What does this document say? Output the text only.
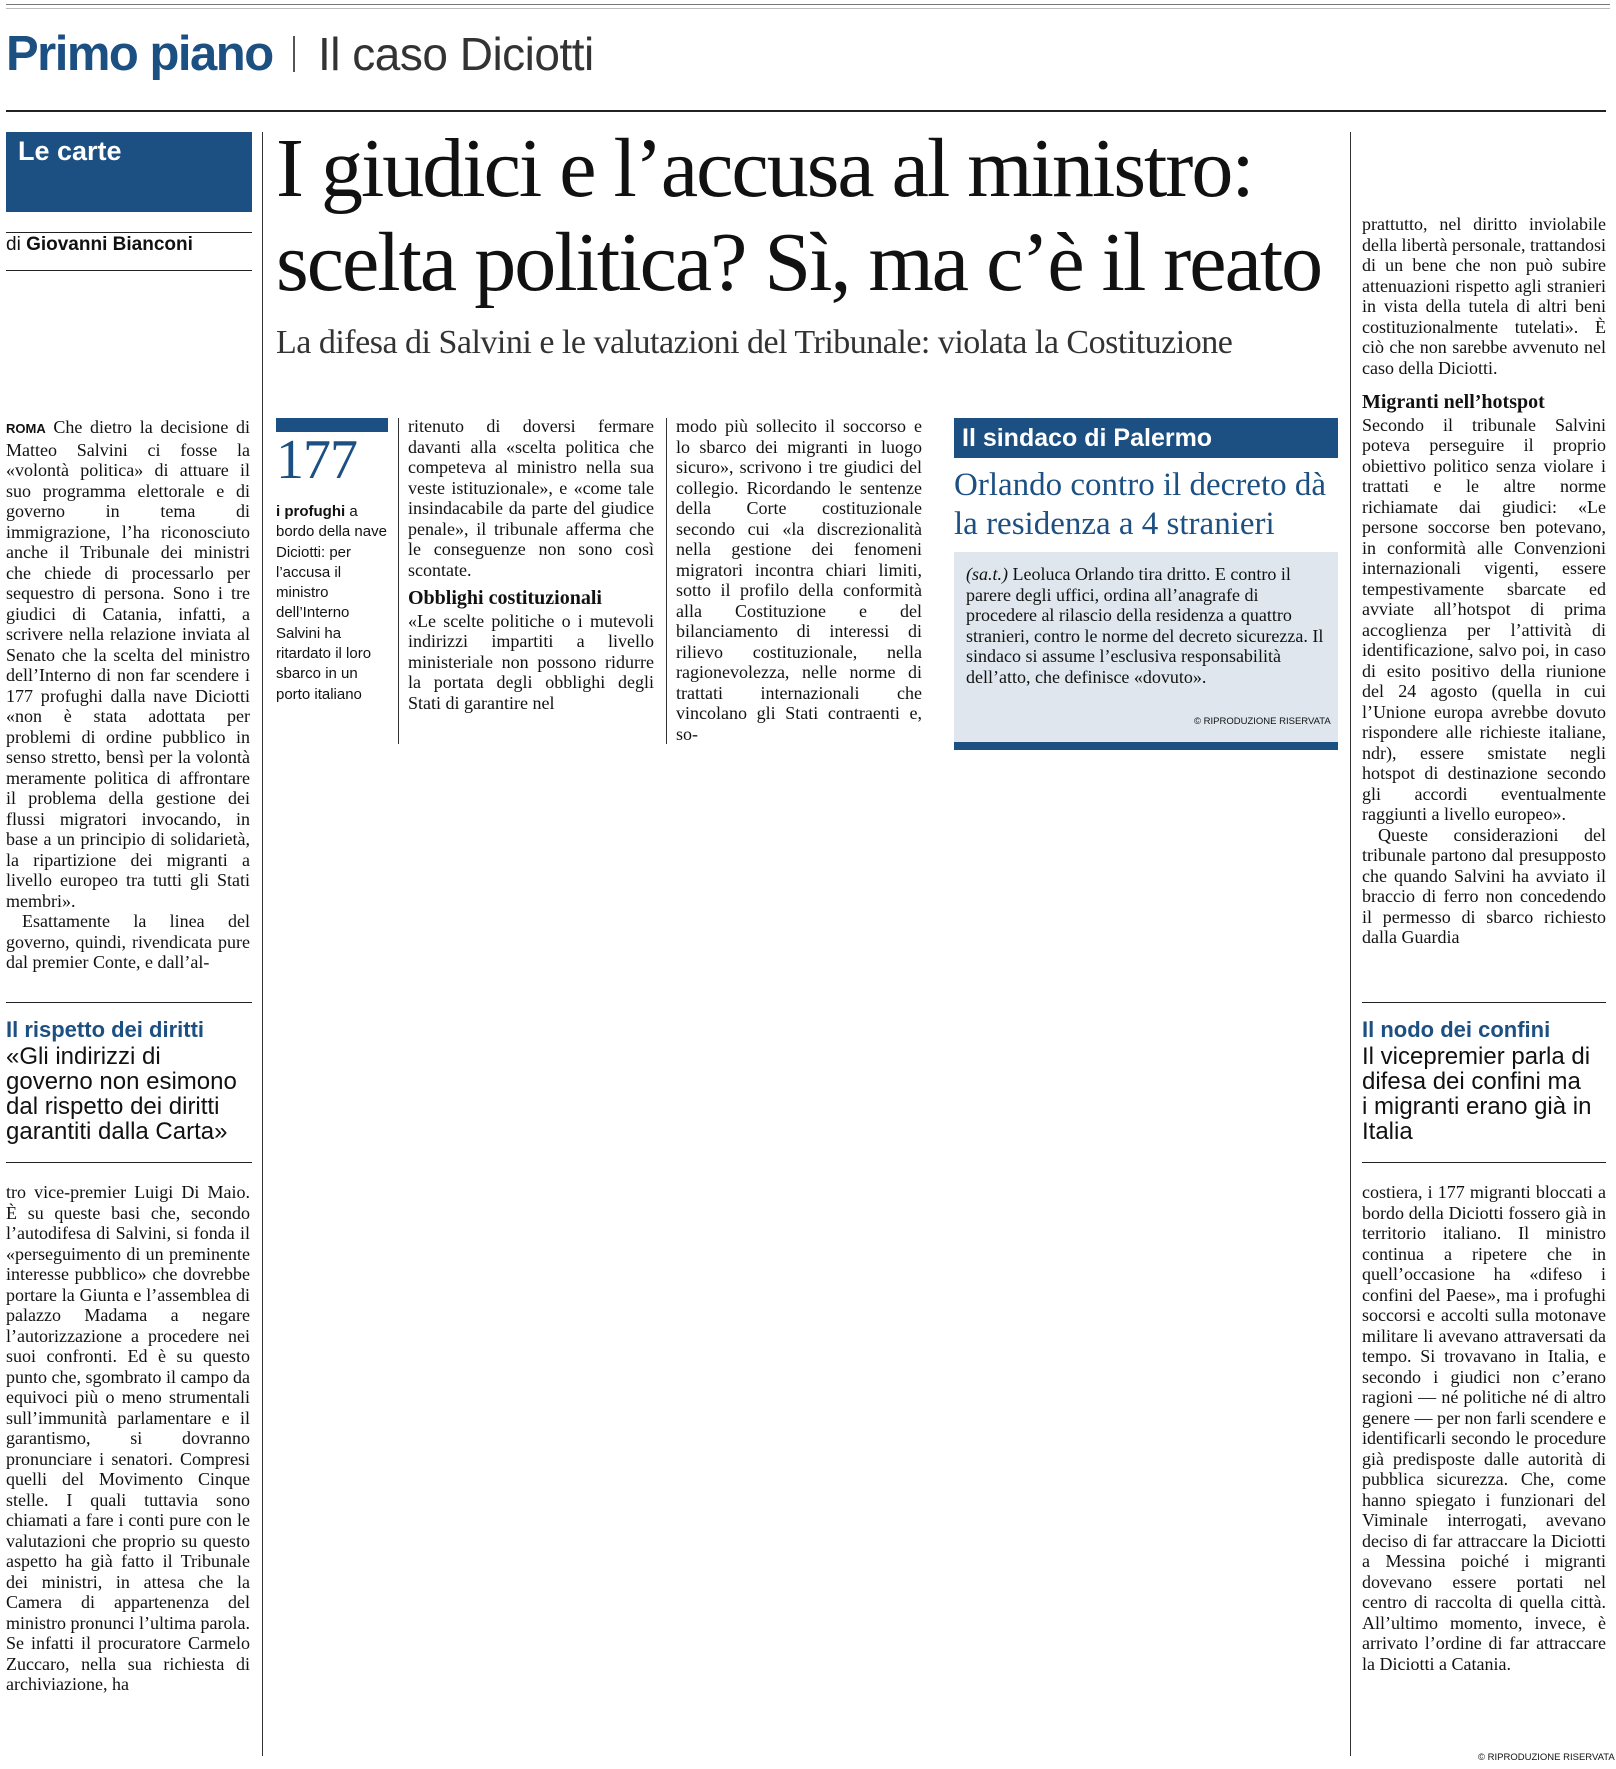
Primo piano Il caso Diciotti
Le carte
di Giovanni Bianconi

ROMA Che dietro la decisione di Matteo Salvini ci fosse la «volontà politica» di attuare il suo programma elettorale e di governo in tema di immigrazione, l’ha riconosciuto anche il Tribunale dei ministri che chiede di processarlo per sequestro di persona. Sono i tre giudici di Catania, infatti, a scrivere nella relazione inviata al Senato che la scelta del ministro dell’Interno di non far scendere i 177 profughi dalla nave Diciotti «non è stata adottata per problemi di ordine pubblico in senso stretto, bensì per la volontà meramente politica di affrontare il problema della gestione dei flussi migratori invocando, in base a un principio di solidarietà, la ripartizione dei migranti a livello europeo tra tutti gli Stati membri».

Esattamente la linea del governo, quindi, rivendicata pure dal premier Conte, e dall’al-

Il rispetto dei diritti
«Gli indirizzi di governo non esimono dal rispetto dei diritti garantiti dalla Carta»

tro vice-premier Luigi Di Maio. È su queste basi che, secondo l’autodifesa di Salvini, si fonda il «perseguimento di un preminente interesse pubblico» che dovrebbe portare la Giunta e l’assemblea di palazzo Madama a negare l’autorizzazione a procedere nei suoi confronti. Ed è su questo punto che, sgombrato il campo da equivoci più o meno strumentali sull’immunità parlamentare e il garantismo, si dovranno pronunciare i senatori. Compresi quelli del Movimento Cinque stelle. I quali tuttavia sono chiamati a fare i conti pure con le valutazioni che proprio su questo aspetto ha già fatto il Tribunale dei ministri, in attesa che la Camera di appartenenza del ministro pronunci l’ultima parola. Se infatti il procuratore Carmelo Zuccaro, nella sua richiesta di archiviazione, ha

I giudici e l’accusa al ministro:
scelta politica? Sì, ma c’è il reato
La difesa di Salvini e le valutazioni del Tribunale: violata la Costituzione
177
i profughi a bordo della nave Diciotti: per l’accusa il ministro dell’Interno Salvini ha ritardato il loro sbarco in un porto italiano

ritenuto di doversi fermare davanti alla «scelta politica che competeva al ministro nella sua veste istituzionale», e «come tale insindacabile da parte del giudice penale», il tribunale afferma che le conseguenze non sono così scontate.

Obblighi costituzionali

«Le scelte politiche o i mutevoli indirizzi impartiti a livello ministeriale non possono ridurre la portata degli obblighi degli Stati di garantire nel

modo più sollecito il soccorso e lo sbarco dei migranti in luogo sicuro», scrivono i tre giudici del collegio. Ricordando le sentenze della Corte costituzionale secondo cui «la discrezionalità nella gestione dei fenomeni migratori incontra chiari limiti, sotto il profilo della conformità alla Costituzione e del bilanciamento di interessi di rilievo costituzionale, nella ragionevolezza, nelle norme di trattati internazionali che vincolano gli Stati contraenti e, so-

Il sindaco di Palermo
Orlando contro il decreto dà la residenza a 4 stranieri
(sa.t.) Leoluca Orlando tira dritto. E contro il parere degli uffici, ordina all’anagrafe di procedere al rilascio della residenza a quattro stranieri, contro le norme del decreto sicurezza. Il sindaco si assume l’esclusiva responsabilità dell’atto, che definisce «dovuto».
© RIPRODUZIONE RISERVATA

prattutto, nel diritto inviolabile della libertà personale, trattandosi di un bene che non può subire attenuazioni rispetto agli stranieri in vista della tutela di altri beni costituzionalmente tutelati». È ciò che non sarebbe avvenuto nel caso della Diciotti.

Migranti nell’hotspot

Secondo il tribunale Salvini poteva perseguire il proprio obiettivo politico senza violare i trattati e le altre norme richiamate dai giudici: «Le persone soccorse ben potevano, in conformità alle Convenzioni internazionali vigenti, essere tempestivamente sbarcate ed avviate all’hotspot di prima accoglienza per l’attività di identificazione, salvo poi, in caso di esito positivo della riunione del 24 agosto (quella in cui l’Unione europa avrebbe dovuto rispondere alle richieste italiane, ndr), essere smistate negli hotspot di destinazione secondo gli accordi eventualmente raggiunti a livello europeo».

Queste considerazioni del tribunale partono dal presupposto che quando Salvini ha avviato il braccio di ferro non concedendo il permesso di sbarco richiesto dalla Guardia

Il nodo dei confini
Il vicepremier parla di difesa dei confini ma i migranti erano già in Italia

costiera, i 177 migranti bloccati a bordo della Diciotti fossero già in territorio italiano. Il ministro continua a ripetere che in quell’occasione ha «difeso i confini del Paese», ma i profughi soccorsi e accolti sulla motonave militare li avevano attraversati da tempo. Si trovavano in Italia, e secondo i giudici non c’erano ragioni — né politiche né di altro genere — per non farli scendere e identificarli secondo le procedure già predisposte dalle autorità di pubblica sicurezza. Che, come hanno spiegato i funzionari del Viminale interrogati, avevano deciso di far attraccare la Diciotti a Messina poiché i migranti dovevano essere portati nel centro di raccolta di quella città. All’ultimo momento, invece, è arrivato l’ordine di far attraccare la Diciotti a Catania.

© RIPRODUZIONE RISERVATA
